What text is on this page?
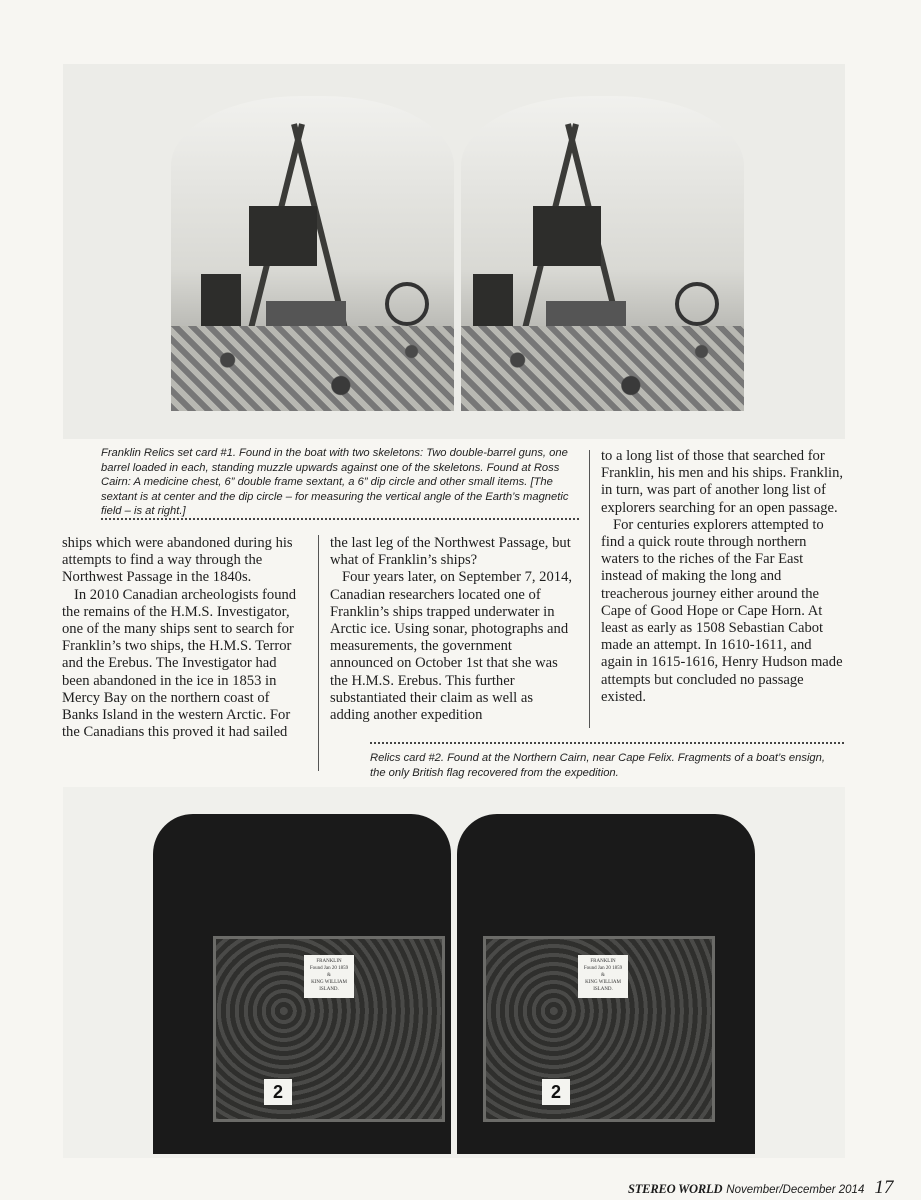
Franklin Relics set card #1. Found in the boat with two skeletons: Two double-barrel guns, one barrel loaded in each, standing muzzle upwards against one of the skeletons. Found at Ross Cairn: A medicine chest, 6” double frame sextant, a 6” dip circle and other small items. [The sextant is at center and the dip circle – for measuring the vertical angle of the Earth’s magnetic field – is at right.]

ships which were abandoned during his attempts to find a way through the Northwest Passage in the 1840s.

In 2010 Canadian archeologists found the remains of the H.M.S. Investigator, one of the many ships sent to search for Franklin’s two ships, the H.M.S. Terror and the Erebus. The Investigator had been abandoned in the ice in 1853 in Mercy Bay on the northern coast of Banks Island in the western Arctic. For the Canadians this proved it had sailed

the last leg of the Northwest Passage, but what of Franklin’s ships?

Four years later, on September 7, 2014, Canadian researchers located one of Franklin’s ships trapped underwater in Arctic ice. Using sonar, photographs and measurements, the government announced on October 1st that she was the H.M.S. Erebus. This further substantiated their claim as well as adding another expedition

to a long list of those that searched for Franklin, his men and his ships. Franklin, in turn, was part of another long list of explorers searching for an open passage.

For centuries explorers attempted to find a quick route through northern waters to the riches of the Far East instead of making the long and treacherous journey either around the Cape of Good Hope or Cape Horn. At least as early as 1508 Sebastian Cabot made an attempt. In 1610-1611, and again in 1615-1616, Henry Hudson made attempts but concluded no passage existed.

Relics card #2. Found at the Northern Cairn, near Cape Felix. Fragments of a boat’s ensign, the only British flag recovered from the expedition.
FRANKLIN
Found Jan 20 1859
&
KING WILLIAM
ISLAND.
2
FRANKLIN
Found Jan 20 1859
&
KING WILLIAM
ISLAND.
2
STEREO WORLD November/December 2014 17
